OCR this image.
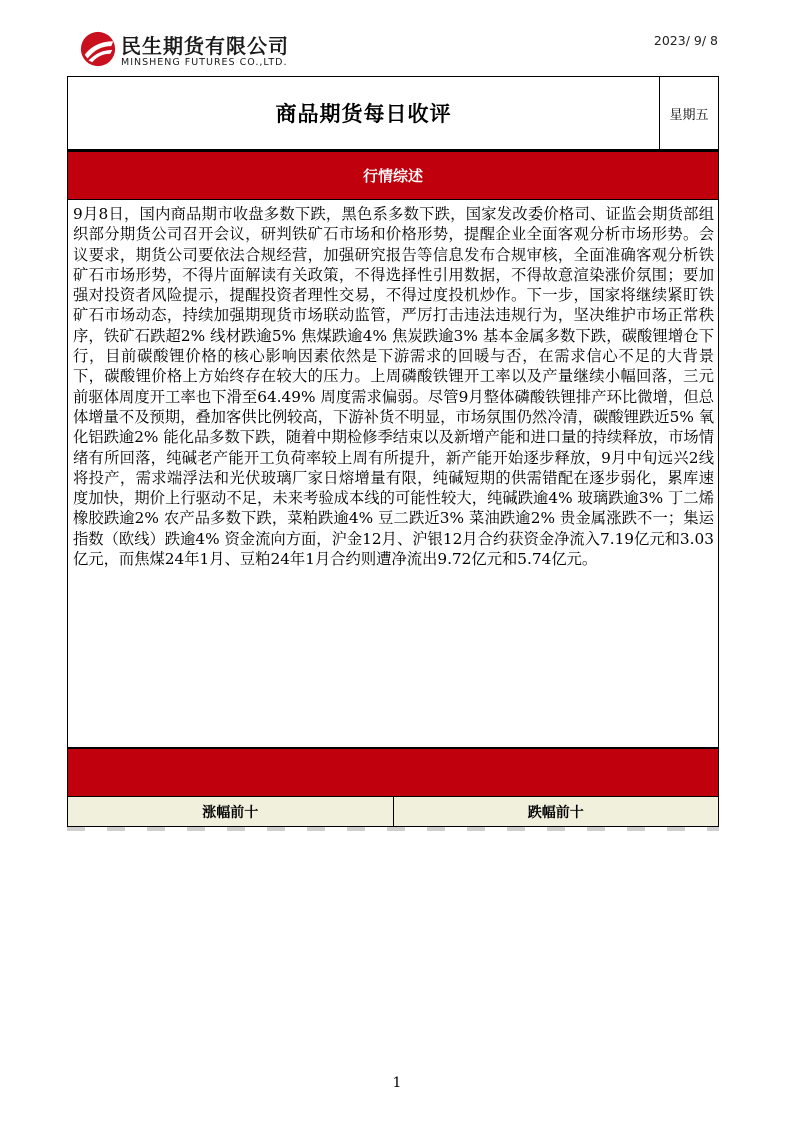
民生期货有限公司
MINSHENG FUTURES CO.,LTD.
2023/ 9/ 8
商品期货每日收评	星期五
行情综述
9月8日，国内商品期市收盘多数下跌，黑色系多数下跌，国家发改委价格司、证监会期货部组织部分期货公司召开会议，研判铁矿石市场和价格形势，提醒企业全面客观分析市场形势。会议要求，期货公司要依法合规经营，加强研究报告等信息发布合规审核，全面准确客观分析铁矿石市场形势，不得片面解读有关政策，不得选择性引用数据，不得故意渲染涨价氛围；要加强对投资者风险提示，提醒投资者理性交易，不得过度投机炒作。下一步，国家将继续紧盯铁矿石市场动态，持续加强期现货市场联动监管，严厉打击违法违规行为，坚决维护市场正常秩序，铁矿石跌超2% 线材跌逾5% 焦煤跌逾4% 焦炭跌逾3% 基本金属多数下跌，碳酸锂增仓下行，目前碳酸锂价格的核心影响因素依然是下游需求的回暖与否，在需求信心不足的大背景下，碳酸锂价格上方始终存在较大的压力。上周磷酸铁锂开工率以及产量继续小幅回落，三元前驱体周度开工率也下滑至64.49% 周度需求偏弱。尽管9月整体磷酸铁锂排产环比微增，但总体增量不及预期，叠加客供比例较高，下游补货不明显，市场氛围仍然冷清，碳酸锂跌近5% 氧化铝跌逾2% 能化品多数下跌，随着中期检修季结束以及新增产能和进口量的持续释放，市场情绪有所回落，纯碱老产能开工负荷率较上周有所提升，新产能开始逐步释放，9月中旬远兴2线将投产，需求端浮法和光伏玻璃厂家日熔增量有限，纯碱短期的供需错配在逐步弱化，累库速度加快，期价上行驱动不足，未来考验成本线的可能性较大，纯碱跌逾4% 玻璃跌逾3% 丁二烯橡胶跌逾2% 农产品多数下跌，菜粕跌逾4% 豆二跌近3% 菜油跌逾2% 贵金属涨跌不一；集运指数（欧线）跌逾4% 资金流向方面，沪金12月、沪银12月合约获资金净流入7.19亿元和3.03亿元，而焦煤24年1月、豆粕24年1月合约则遭净流出9.72亿元和5.74亿元。
涨幅前十	跌幅前十
1
